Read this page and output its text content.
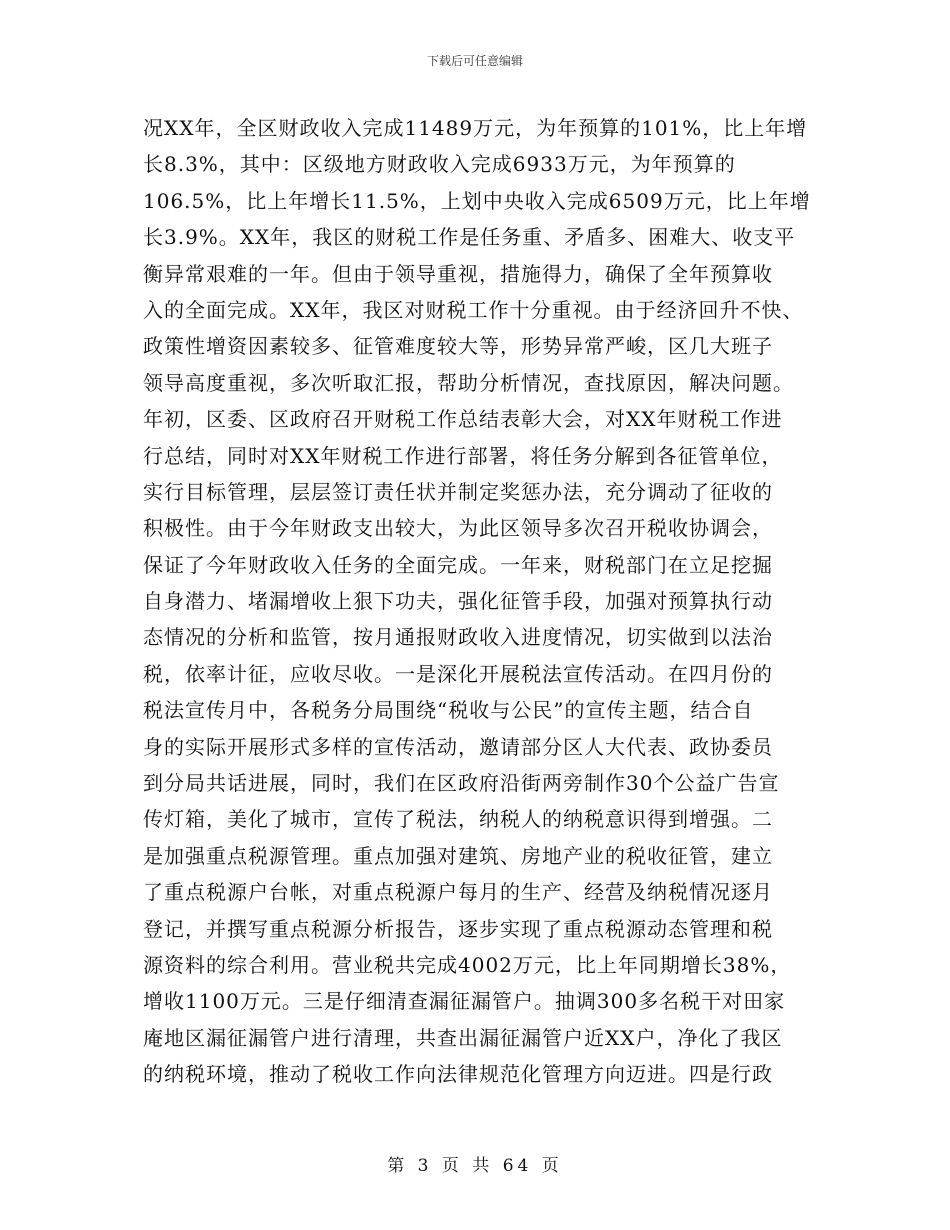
下载后可任意编辑
况XX年，全区财政收入完成11489万元，为年预算的101%，比上年增
长8.3%，其中：区级地方财政收入完成6933万元，为年预算的
106.5%，比上年增长11.5%，上划中央收入完成6509万元，比上年增
长3.9%。XX年，我区的财税工作是任务重、矛盾多、困难大、收支平
衡异常艰难的一年。但由于领导重视，措施得力，确保了全年预算收
入的全面完成。XX年，我区对财税工作十分重视。由于经济回升不快、
政策性增资因素较多、征管难度较大等，形势异常严峻，区几大班子
领导高度重视，多次听取汇报，帮助分析情况，查找原因，解决问题。
年初，区委、区政府召开财税工作总结表彰大会，对XX年财税工作进
行总结，同时对XX年财税工作进行部署，将任务分解到各征管单位，
实行目标管理，层层签订责任状并制定奖惩办法，充分调动了征收的
积极性。由于今年财政支出较大，为此区领导多次召开税收协调会，
保证了今年财政收入任务的全面完成。一年来，财税部门在立足挖掘
自身潜力、堵漏增收上狠下功夫，强化征管手段，加强对预算执行动
态情况的分析和监管，按月通报财政收入进度情况，切实做到以法治
税，依率计征，应收尽收。一是深化开展税法宣传活动。在四月份的
税法宣传月中，各税务分局围绕“税收与公民”的宣传主题，结合自
身的实际开展形式多样的宣传活动，邀请部分区人大代表、政协委员
到分局共话进展，同时，我们在区政府沿街两旁制作30个公益广告宣
传灯箱，美化了城市，宣传了税法，纳税人的纳税意识得到增强。二
是加强重点税源管理。重点加强对建筑、房地产业的税收征管，建立
了重点税源户台帐，对重点税源户每月的生产、经营及纳税情况逐月
登记，并撰写重点税源分析报告，逐步实现了重点税源动态管理和税
源资料的综合利用。营业税共完成4002万元，比上年同期增长38%，
增收1100万元。三是仔细清查漏征漏管户。抽调300多名税干对田家
庵地区漏征漏管户进行清理，共查出漏征漏管户近XX户，净化了我区
的纳税环境，推动了税收工作向法律规范化管理方向迈进。四是行政
第 3 页 共 64 页
